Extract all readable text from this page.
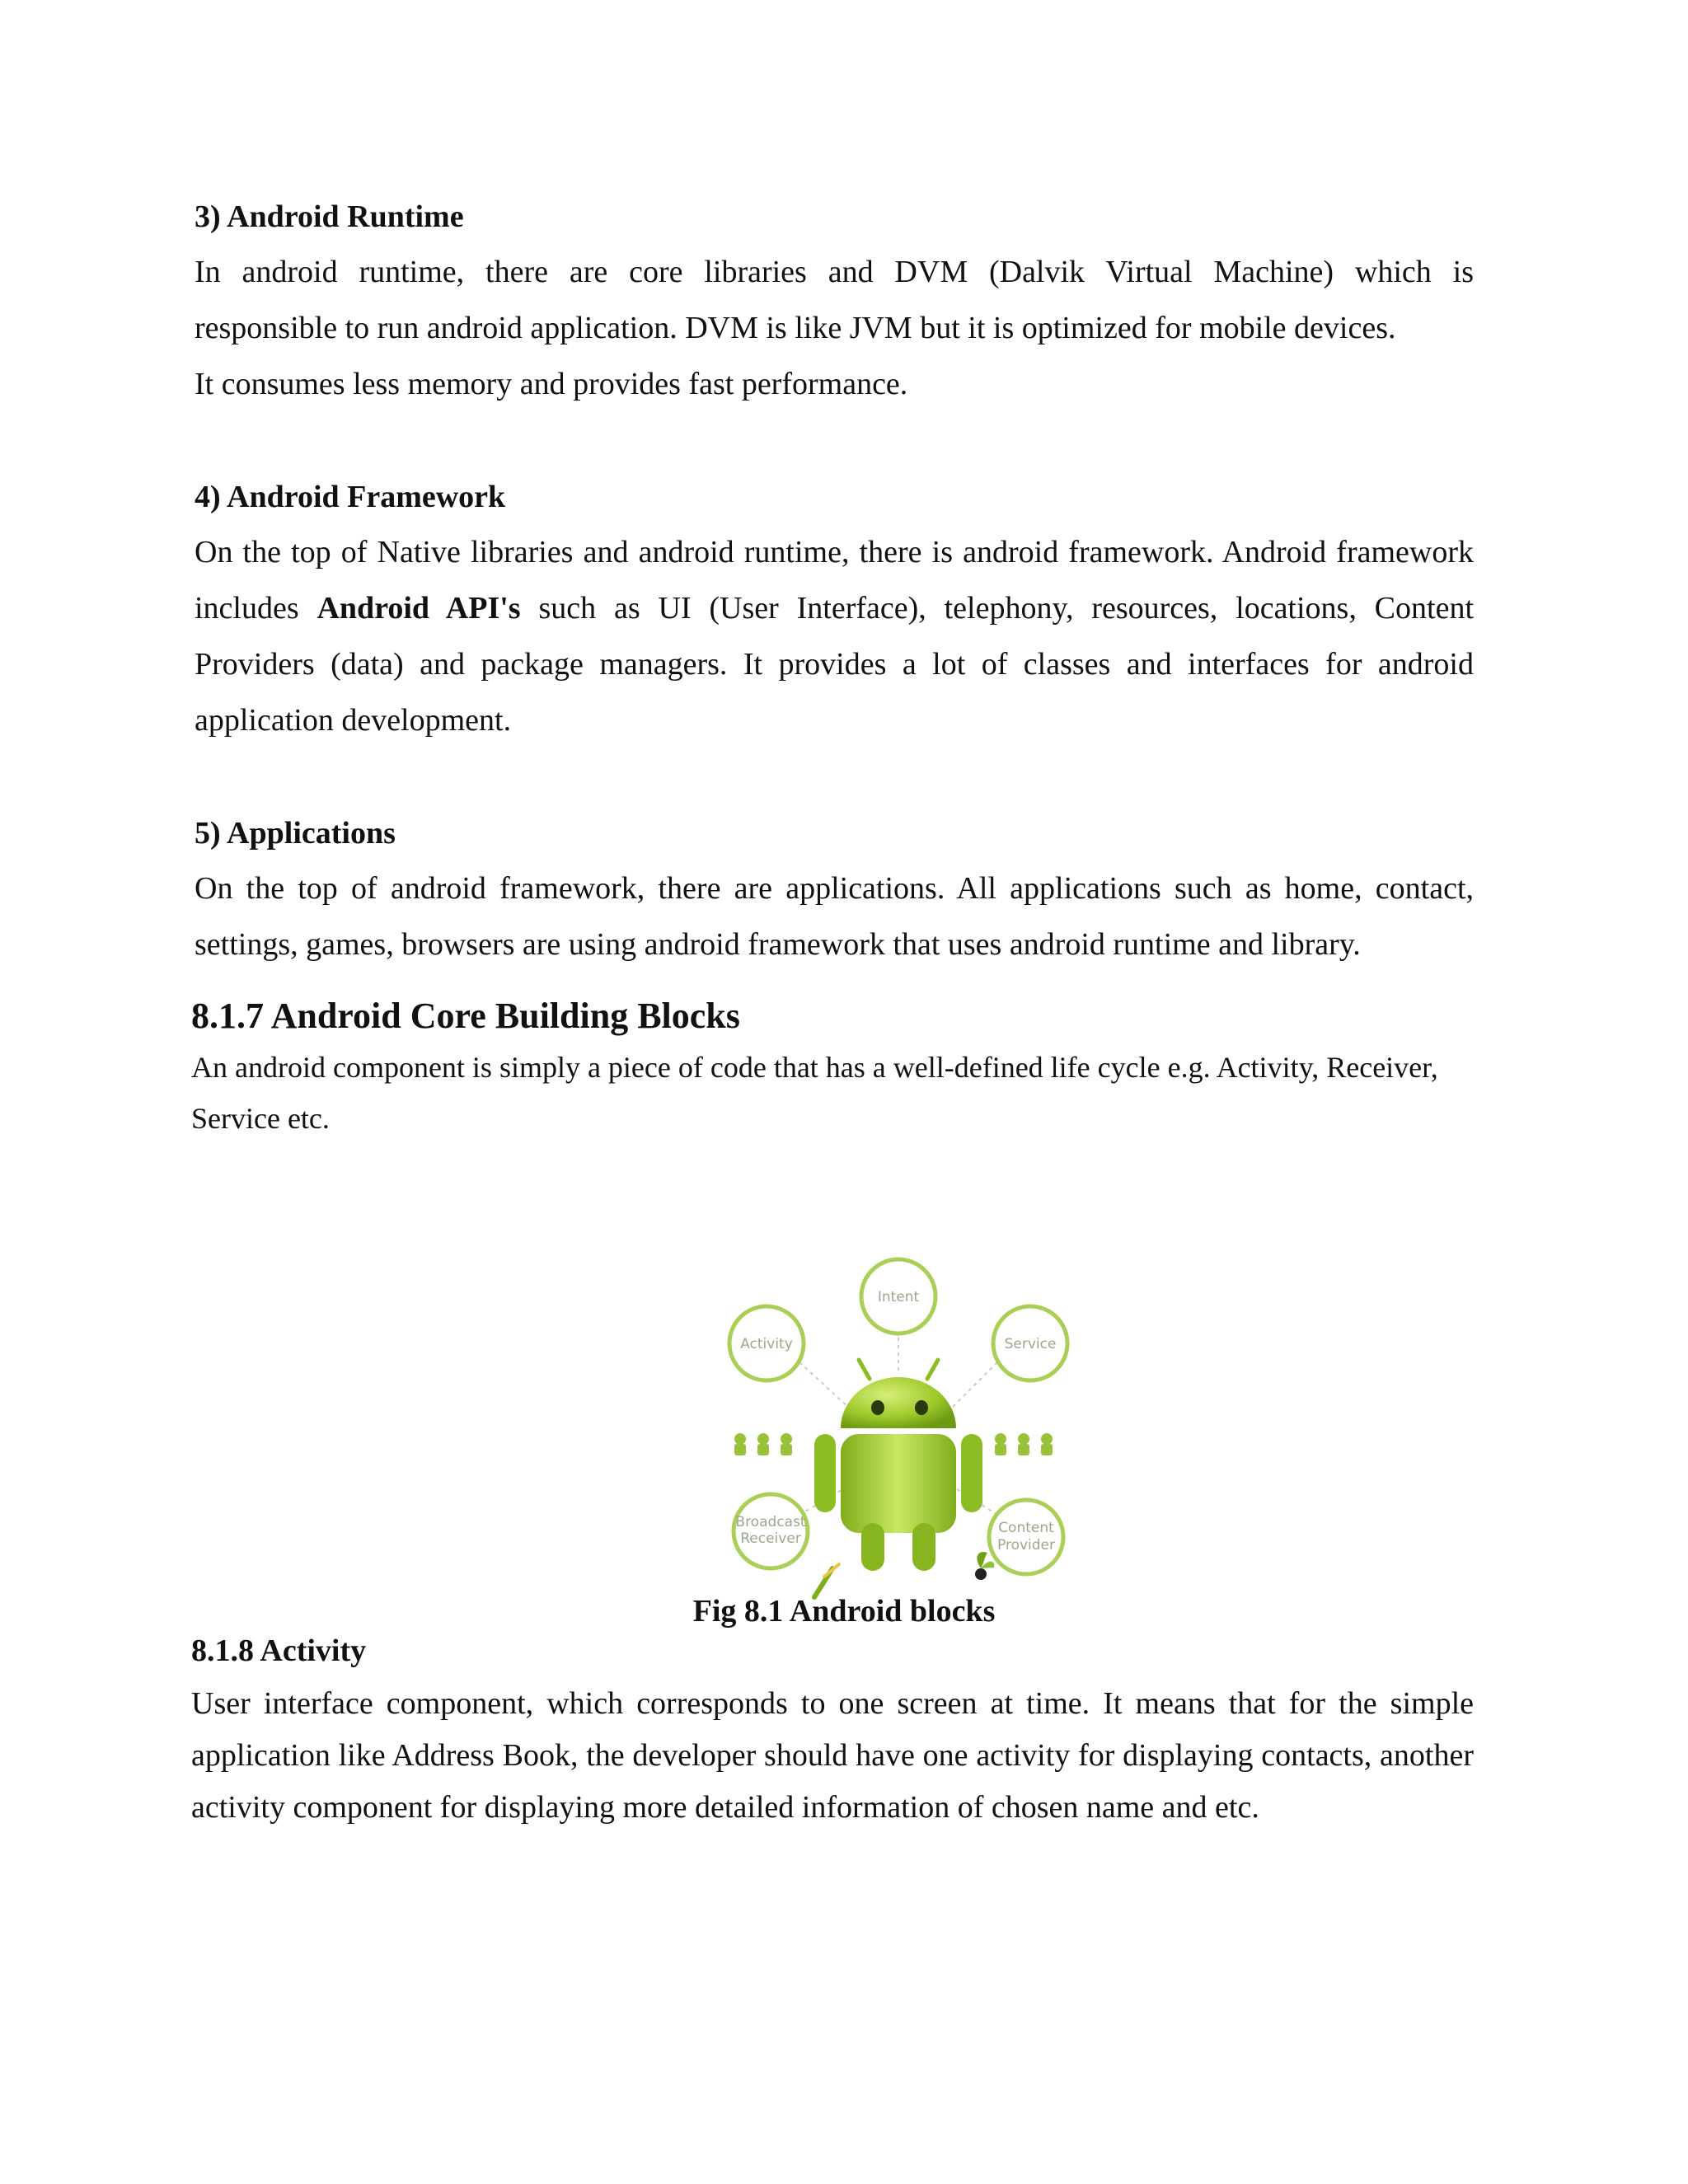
3) Android Runtime

In android runtime, there are core libraries and DVM (Dalvik Virtual Machine) which is
responsible to run android application. DVM is like JVM but it is optimized for mobile devices.
It consumes less memory and provides fast performance.

4) Android Framework

On the top of Native libraries and android runtime, there is android framework. Android framework
includes Android API's such as UI (User Interface), telephony, resources, locations, Content
Providers (data) and package managers. It provides a lot of classes and interfaces for android
application development.

5) Applications

On the top of android framework, there are applications. All applications such as home, contact,
settings, games, browsers are using android framework that uses android runtime and library.

8.1.7 Android Core Building Blocks

An android component is simply a piece of code that has a well-defined life cycle e.g. Activity, Receiver, Service etc.
Intent
Activity	Service
Broadcast
Receiver
Content
Provider
Fig 8.1 Android blocks

8.1.8 Activity

User interface component, which corresponds to one screen at time. It means that for the simple
application like Address Book, the developer should have one activity for displaying contacts, another
activity component for displaying more detailed information of chosen name and etc.
